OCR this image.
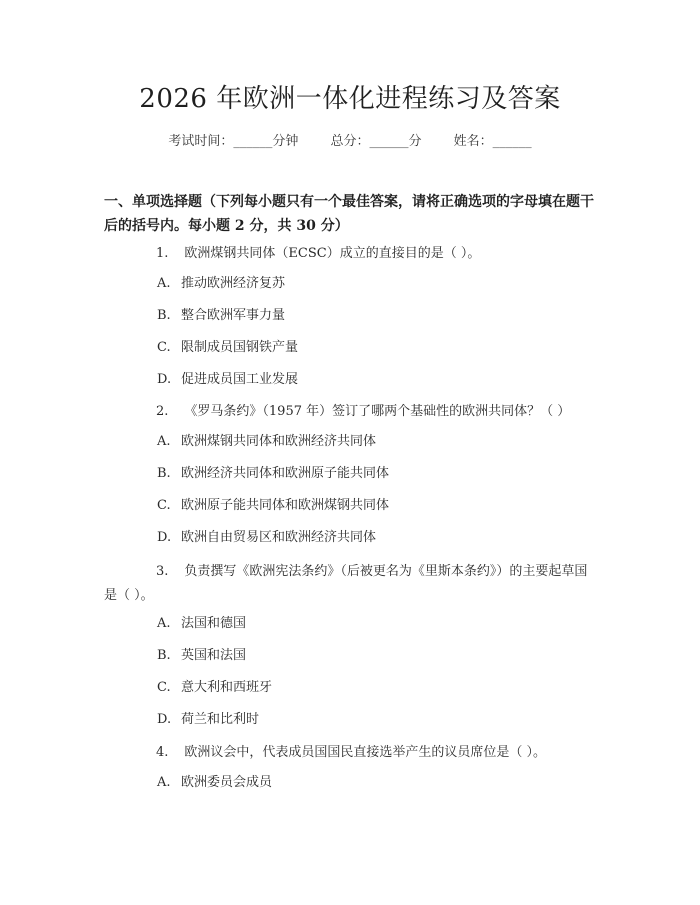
2026 年欧洲一体化进程练习及答案
考试时间：______分钟 总分：______分 姓名：______
一、单项选择题（下列每小题只有一个最佳答案，请将正确选项的字母填在题干后的括号内。每小题 2 分，共 30 分）
1. 欧洲煤钢共同体（ECSC）成立的直接目的是（ ）。
A. 推动欧洲经济复苏
B. 整合欧洲军事力量
C. 限制成员国钢铁产量
D. 促进成员国工业发展
2. 《罗马条约》（1957 年）签订了哪两个基础性的欧洲共同体？（ ）
A. 欧洲煤钢共同体和欧洲经济共同体
B. 欧洲经济共同体和欧洲原子能共同体
C. 欧洲原子能共同体和欧洲煤钢共同体
D. 欧洲自由贸易区和欧洲经济共同体
3. 负责撰写《欧洲宪法条约》（后被更名为《里斯本条约》）的主要起草国是（ ）。
A. 法国和德国
B. 英国和法国
C. 意大利和西班牙
D. 荷兰和比利时
4. 欧洲议会中，代表成员国国民直接选举产生的议员席位是（ ）。
A. 欧洲委员会成员
